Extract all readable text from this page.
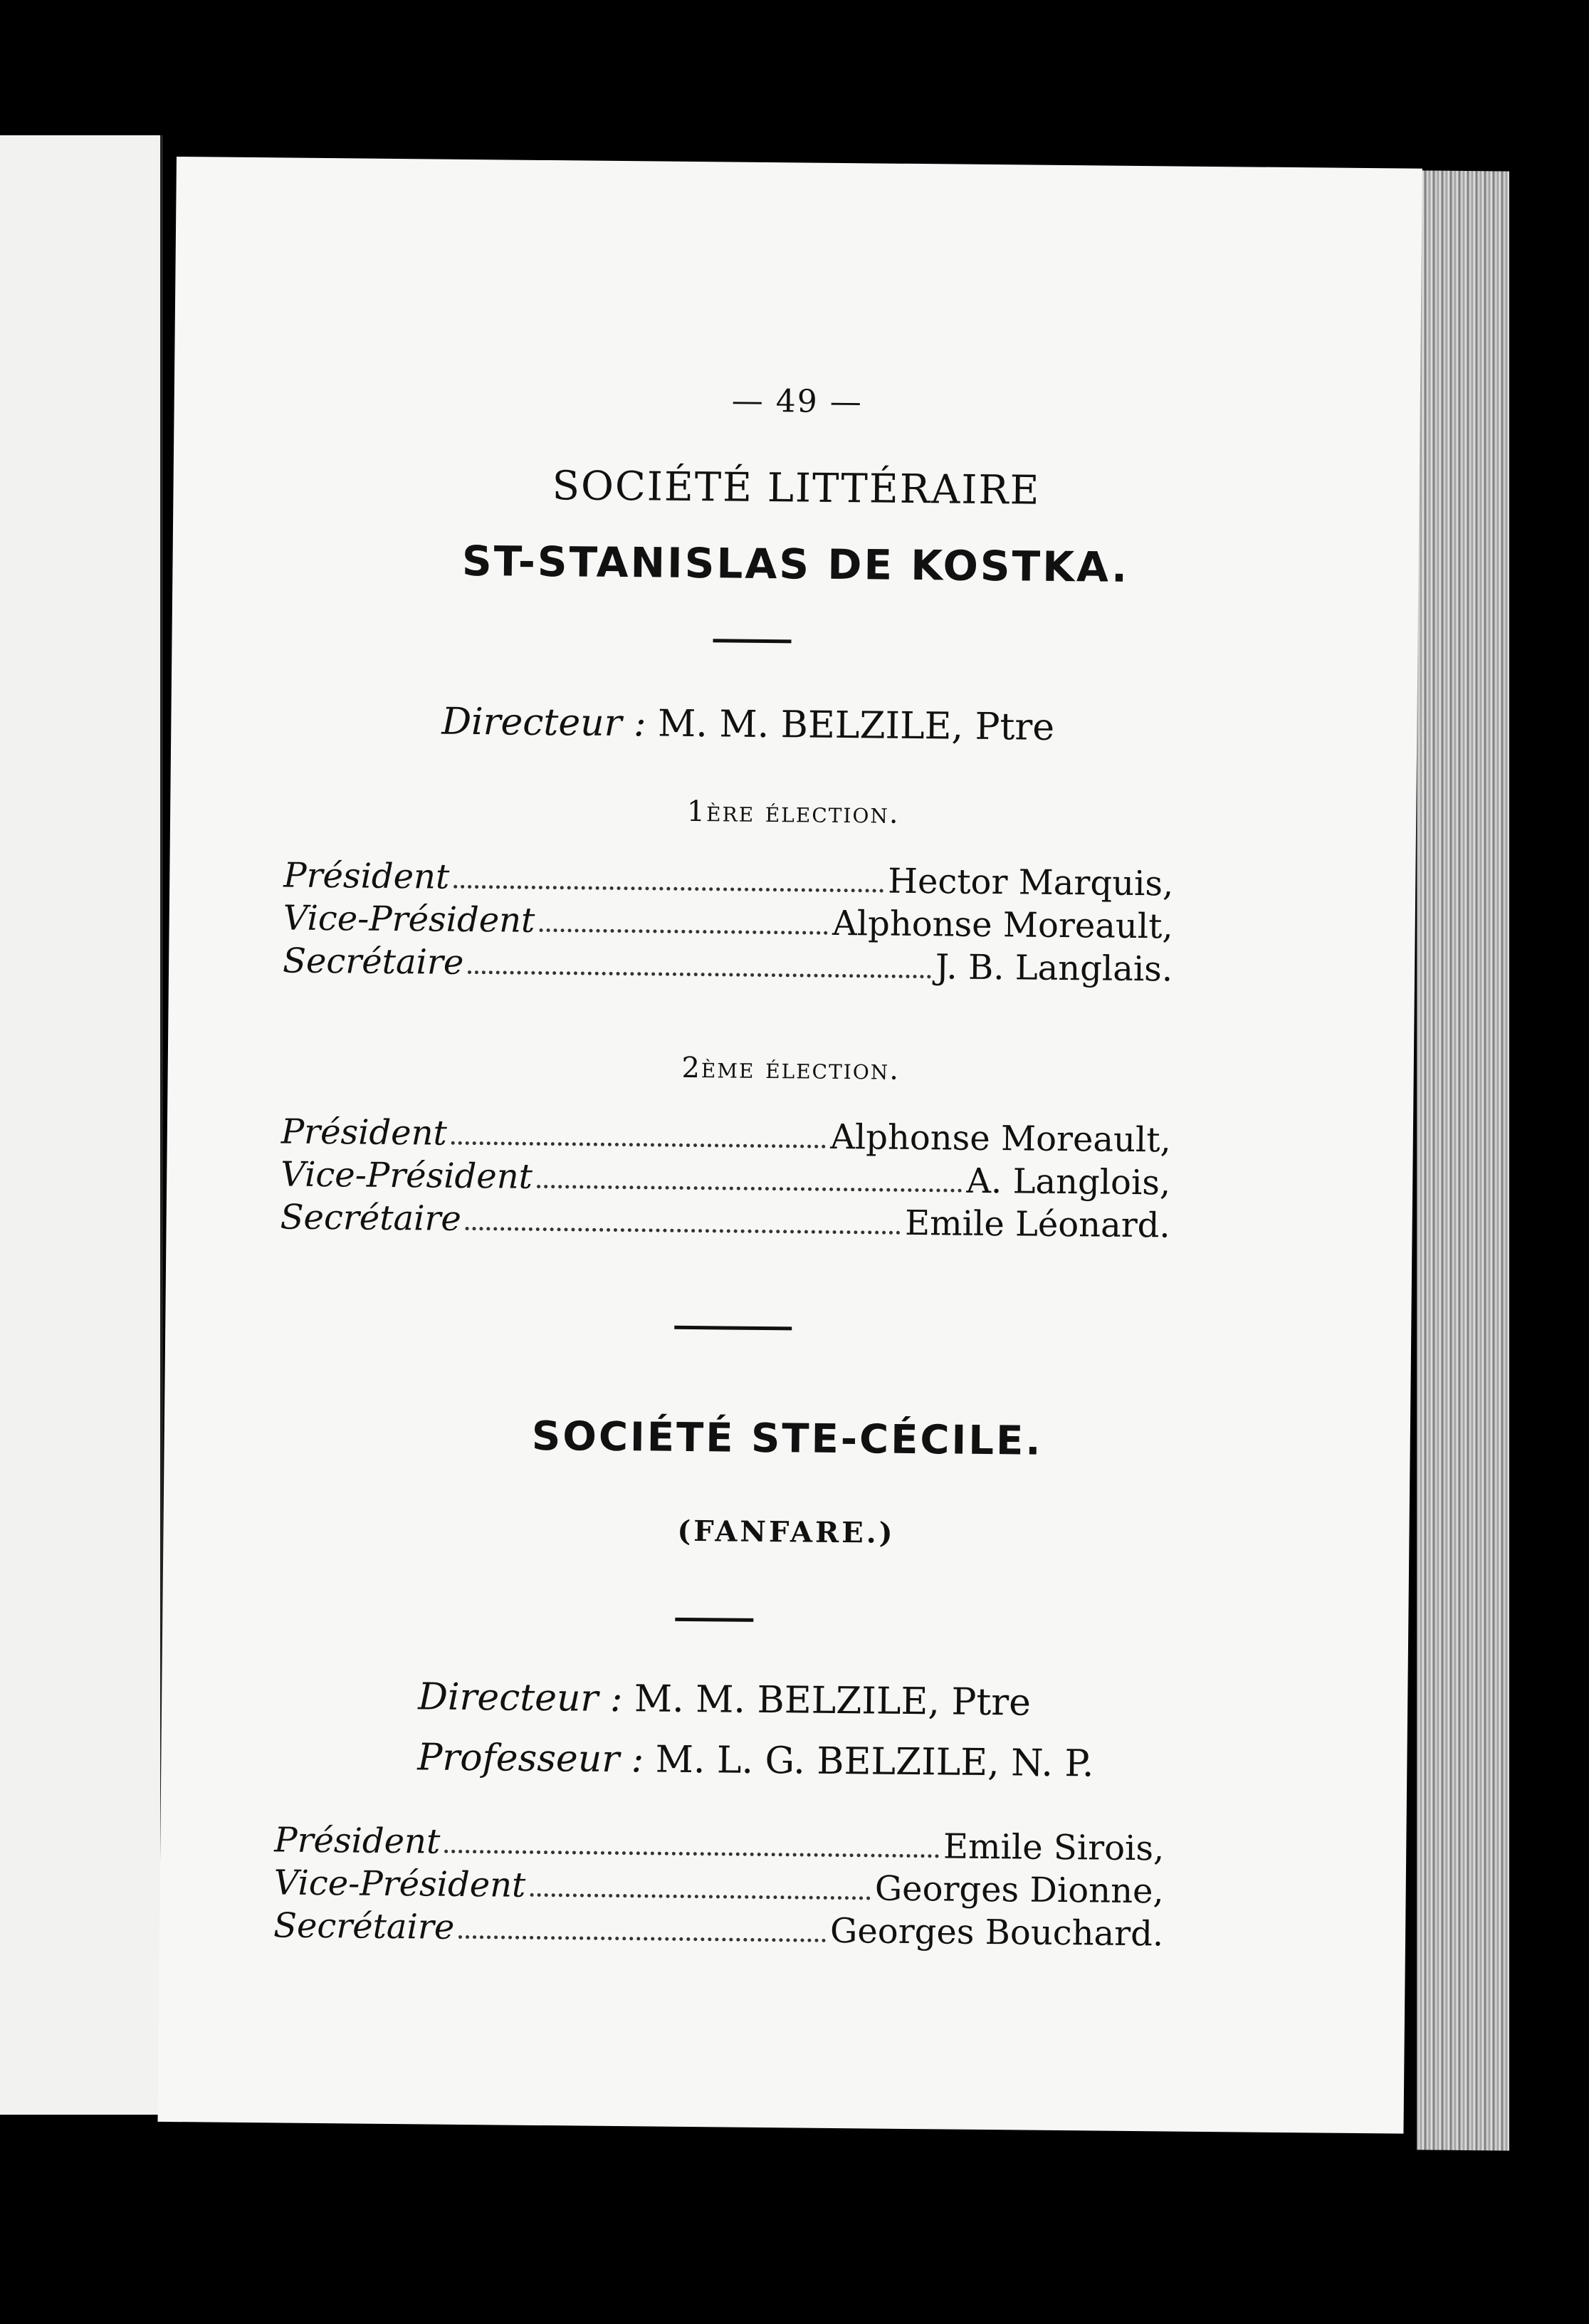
— 49 —
SOCIÉTÉ LITTÉRAIRE
ST-STANISLAS DE KOSTKA.
Directeur : M. M. BELZILE, Ptre
1ère élection.
Président	Hector Marquis,
Vice-Président	Alphonse Moreault,
Secrétaire	J. B. Langlais.
2ème élection.
Président	Alphonse Moreault,
Vice-Président	A. Langlois,
Secrétaire	Emile Léonard.
SOCIÉTÉ STE-CÉCILE.
(FANFARE.)
Directeur : M. M. BELZILE, Ptre
Professeur : M. L. G. BELZILE, N. P.
Président	Emile Sirois,
Vice-Président	Georges Dionne,
Secrétaire	Georges Bouchard.
